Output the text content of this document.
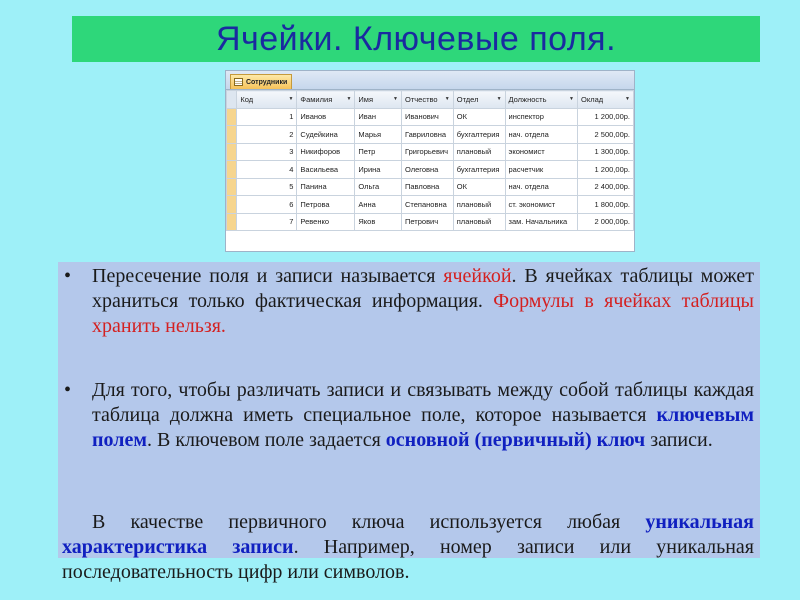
Ячейки. Ключевые поля.
Сотрудники
	Код ▼	Фамилия ▼	Имя ▼	Отчество ▼	Отдел ▼	Должность ▼	Оклад ▼

	1	Иванов	Иван	Иванович	ОК	инспектор	1 200,00р.
	2	Судейкина	Марья	Гавриловна	бухгалтерия	нач. отдела	2 500,00р.
	3	Никифоров	Петр	Григорьевич	плановый	экономист	1 300,00р.
	4	Васильева	Ирина	Олеговна	бухгалтерия	расчетчик	1 200,00р.
	5	Панина	Ольга	Павловна	ОК	нач. отдела	2 400,00р.
	6	Петрова	Анна	Степановна	плановый	ст. экономист	1 800,00р.
	7	Ревенко	Яков	Петрович	плановый	зам. Начальника	2 000,00р.
• Пересечение поля и записи называется ячейкой. В ячейках таблицы может храниться только фактическая информация. Формулы в ячейках таблицы хранить нельзя.
• Для того, чтобы различать записи и связывать между собой таблицы каждая таблица должна иметь специальное поле, которое называется ключевым полем. В ключевом поле задается основной (первичный) ключ записи.
В качестве первичного ключа используется любая уникальная характеристика записи. Например, номер записи или уникальная последовательность цифр или символов.
